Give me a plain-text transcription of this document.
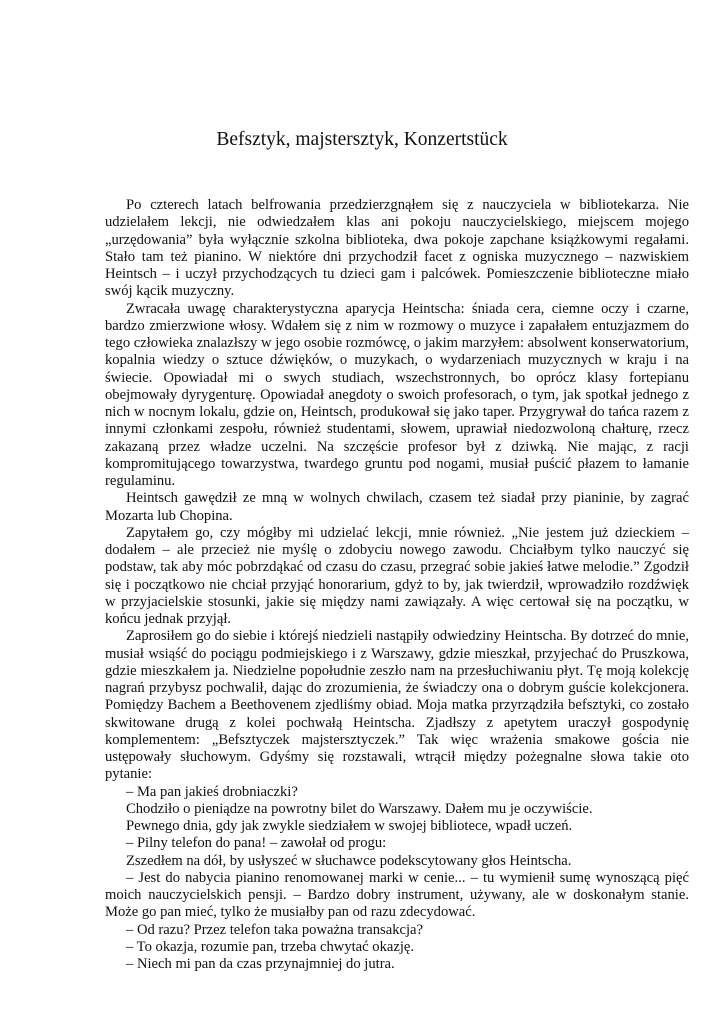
Befsztyk, majstersztyk, Konzertstück

Po czterech latach belfrowania przedzierzgnąłem się z nauczyciela w bibliotekarza. Nie udzielałem lekcji, nie odwiedzałem klas ani pokoju nauczycielskiego, miejscem mojego „urzędowania” była wyłącznie szkolna biblioteka, dwa pokoje zapchane książkowymi regałami. Stało tam też pianino. W niektóre dni przychodził facet z ogniska muzycznego – nazwiskiem Heintsch – i uczył przychodzących tu dzieci gam i palcówek. Pomieszczenie biblioteczne miało swój kącik muzyczny.

Zwracała uwagę charakterystyczna aparycja Heintscha: śniada cera, ciemne oczy i czarne, bardzo zmierzwione włosy. Wdałem się z nim w rozmowy o muzyce i zapałałem entuzjazmem do tego człowieka znalazłszy w jego osobie rozmówcę, o jakim marzyłem: absolwent konserwatorium, kopalnia wiedzy o sztuce dźwięków, o muzykach, o wydarzeniach muzycznych w kraju i na świecie. Opowiadał mi o swych studiach, wszechstronnych, bo oprócz klasy fortepianu obejmowały dyrygenturę. Opowiadał anegdoty o swoich profesorach, o tym, jak spotkał jednego z nich w nocnym lokalu, gdzie on, Heintsch, produkował się jako taper. Przygrywał do tańca razem z innymi członkami zespołu, również studentami, słowem, uprawiał niedozwoloną chałturę, rzecz zakazaną przez władze uczelni. Na szczęście profesor był z dziwką. Nie mając, z racji kompromitującego towarzystwa, twardego gruntu pod nogami, musiał puścić płazem to łamanie regulaminu.

Heintsch gawędził ze mną w wolnych chwilach, czasem też siadał przy pianinie, by zagrać Mozarta lub Chopina.

Zapytałem go, czy mógłby mi udzielać lekcji, mnie również. „Nie jestem już dzieckiem – dodałem – ale przecież nie myślę o zdobyciu nowego zawodu. Chciałbym tylko nauczyć się podstaw, tak aby móc pobrzdąkać od czasu do czasu, przegrać sobie jakieś łatwe melodie.” Zgodził się i początkowo nie chciał przyjąć honorarium, gdyż to by, jak twierdził, wprowadziło rozdźwięk w przyjacielskie stosunki, jakie się między nami zawiązały. A więc certował się na początku, w końcu jednak przyjął.

Zaprosiłem go do siebie i którejś niedzieli nastąpiły odwiedziny Heintscha. By dotrzeć do mnie, musiał wsiąść do pociągu podmiejskiego i z Warszawy, gdzie mieszkał, przyjechać do Pruszkowa, gdzie mieszkałem ja. Niedzielne popołudnie zeszło nam na przesłuchiwaniu płyt. Tę moją kolekcję nagrań przybysz pochwalił, dając do zrozumienia, że świadczy ona o dobrym guście kolekcjonera. Pomiędzy Bachem a Beethovenem zjedliśmy obiad. Moja matka przyrządziła befsztyki, co zostało skwitowane drugą z kolei pochwałą Heintscha. Zjadłszy z apetytem uraczył gospodynię komplementem: „Befsztyczek majstersztyczek.” Tak więc wrażenia smakowe gościa nie ustępowały słuchowym. Gdyśmy się rozstawali, wtrącił między pożegnalne słowa takie oto pytanie:

– Ma pan jakieś drobniaczki?

Chodziło o pieniądze na powrotny bilet do Warszawy. Dałem mu je oczywiście.

Pewnego dnia, gdy jak zwykle siedziałem w swojej bibliotece, wpadł uczeń.

– Pilny telefon do pana! – zawołał od progu:

Zszedłem na dół, by usłyszeć w słuchawce podekscytowany głos Heintscha.

– Jest do nabycia pianino renomowanej marki w cenie... – tu wymienił sumę wynoszącą pięć moich nauczycielskich pensji. – Bardzo dobry instrument, używany, ale w doskonałym stanie. Może go pan mieć, tylko że musiałby pan od razu zdecydować.

– Od razu? Przez telefon taka poważna transakcja?

– To okazja, rozumie pan, trzeba chwytać okazję.

– Niech mi pan da czas przynajmniej do jutra.
